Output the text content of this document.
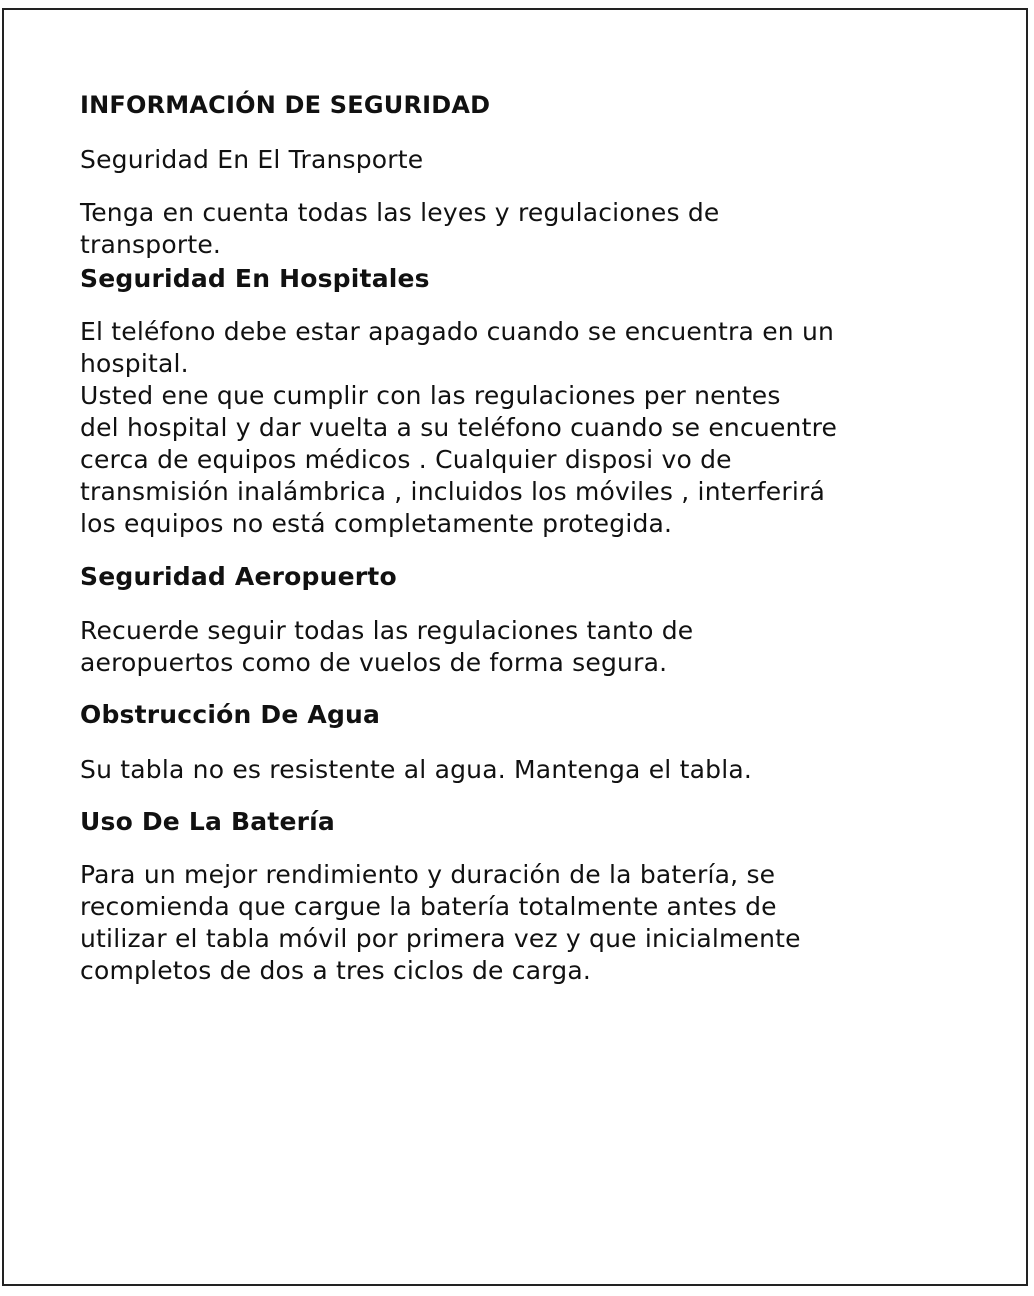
INFORMACIÓN DE SEGURIDAD
Seguridad En El Transporte
Tenga en cuenta todas las leyes y regulaciones de
transporte.
Seguridad En Hospitales
El teléfono debe estar apagado cuando se encuentra en un
hospital.
Usted ene que cumplir con las regulaciones per nentes
del hospital y dar vuelta a su teléfono cuando se encuentre
cerca de equipos médicos . Cualquier disposi vo de
transmisión inalámbrica , incluidos los móviles , interferirá
los equipos no está completamente protegida.
Seguridad Aeropuerto
Recuerde seguir todas las regulaciones tanto de
aeropuertos como de vuelos de forma segura.
Obstrucción De Agua
Su tabla no es resistente al agua. Mantenga el tabla.
Uso De La Batería
Para un mejor rendimiento y duración de la batería, se
recomienda que cargue la batería totalmente antes de
utilizar el tabla móvil por primera vez y que inicialmente
completos de dos a tres ciclos de carga.
